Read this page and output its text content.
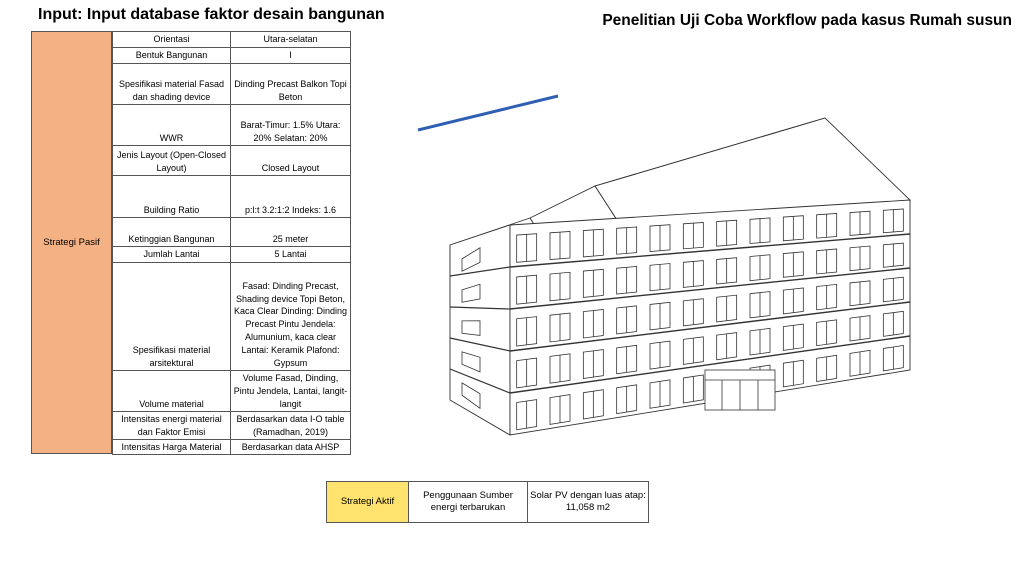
Input: Input database faktor desain bangunan	Penelitian Uji Coba Workflow pada kasus Rumah susun
Strategi Pasif
Orientasi	Utara-selatan
Bentuk Bangunan	I
Spesifikasi material Fasad dan shading device	Dinding Precast Balkon Topi Beton
WWR	Barat-Timur: 1.5% Utara: 20% Selatan: 20%
Jenis Layout (Open-Closed Layout)	Closed Layout
Building Ratio	p:l:t 3.2:1:2 Indeks: 1.6
Ketinggian Bangunan	25 meter
Jumlah Lantai	5 Lantai
Spesifikasi material arsitektural	Fasad: Dinding Precast, Shading device Topi Beton, Kaca Clear Dinding: Dinding Precast Pintu Jendela: Alumunium, kaca clear Lantai: Keramik Plafond: Gypsum
Volume material	Volume Fasad, Dinding, Pintu Jendela, Lantai, langit-langit
Intensitas energi material dan Faktor Emisi	Berdasarkan data I-O table (Ramadhan, 2019)
Intensitas Harga Material	Berdasarkan data AHSP
Strategi Aktif	Penggunaan Sumber energi terbarukan	Solar PV dengan luas atap: 11,058 m2
